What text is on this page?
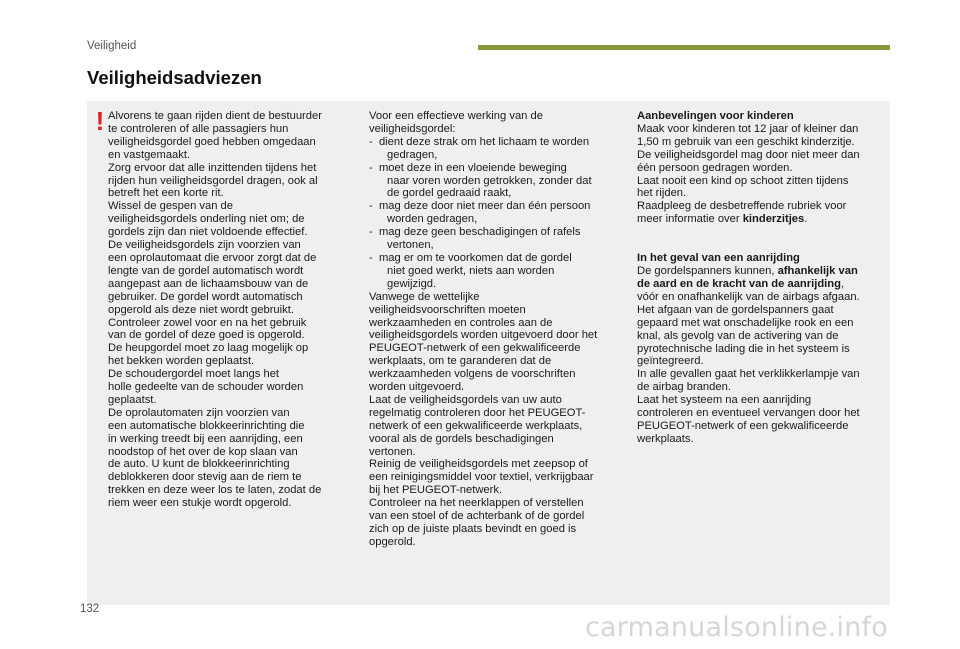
Veiligheid
Veiligheidsadviezen
! Alvorens te gaan rijden dient de bestuurder
te controleren of alle passagiers hun
veiligheidsgordel goed hebben omgedaan
en vastgemaakt.
Zorg ervoor dat alle inzittenden tijdens het
rijden hun veiligheidsgordel dragen, ook al
betreft het een korte rit.
Wissel de gespen van de
veiligheidsgordels onderling niet om; de
gordels zijn dan niet voldoende effectief.
De veiligheidsgordels zijn voorzien van
een oprolautomaat die ervoor zorgt dat de
lengte van de gordel automatisch wordt
aangepast aan de lichaamsbouw van de
gebruiker. De gordel wordt automatisch
opgerold als deze niet wordt gebruikt.
Controleer zowel voor en na het gebruik
van de gordel of deze goed is opgerold.
De heupgordel moet zo laag mogelijk op
het bekken worden geplaatst.
De schoudergordel moet langs het
holle gedeelte van de schouder worden
geplaatst.
De oprolautomaten zijn voorzien van
een automatische blokkeerinrichting die
in werking treedt bij een aanrijding, een
noodstop of het over de kop slaan van
de auto. U kunt de blokkeerinrichting
deblokkeren door stevig aan de riem te
trekken en deze weer los te laten, zodat de
riem weer een stukje wordt opgerold.
Voor een effectieve werking van de
veiligheidsgordel:
-  dient deze strak om het lichaam te worden
gedragen,
-  moet deze in een vloeiende beweging
naar voren worden getrokken, zonder dat
de gordel gedraaid raakt,
-  mag deze door niet meer dan één persoon
worden gedragen,
-  mag deze geen beschadigingen of rafels
vertonen,
-  mag er om te voorkomen dat de gordel
niet goed werkt, niets aan worden
gewijzigd.
Vanwege de wettelijke
veiligheidsvoorschriften moeten
werkzaamheden en controles aan de
veiligheidsgordels worden uitgevoerd door het
PEUGEOT-netwerk of een gekwalificeerde
werkplaats, om te garanderen dat de
werkzaamheden volgens de voorschriften
worden uitgevoerd.
Laat de veiligheidsgordels van uw auto
regelmatig controleren door het PEUGEOT-
netwerk of een gekwalificeerde werkplaats,
vooral als de gordels beschadigingen
vertonen.
Reinig de veiligheidsgordels met zeepsop of
een reinigingsmiddel voor textiel, verkrijgbaar
bij het PEUGEOT-netwerk.
Controleer na het neerklappen of verstellen
van een stoel of de achterbank of de gordel
zich op de juiste plaats bevindt en goed is
opgerold.
Aanbevelingen voor kinderen
Maak voor kinderen tot 12 jaar of kleiner dan
1,50 m gebruik van een geschikt kinderzitje.
De veiligheidsgordel mag door niet meer dan
één persoon gedragen worden.
Laat nooit een kind op schoot zitten tijdens
het rijden.
Raadpleeg de desbetreffende rubriek voor
meer informatie over kinderzitjes.
In het geval van een aanrijding
De gordelspanners kunnen, afhankelijk van
de aard en de kracht van de aanrijding,
vóór en onafhankelijk van de airbags afgaan.
Het afgaan van de gordelspanners gaat
gepaard met wat onschadelijke rook en een
knal, als gevolg van de activering van de
pyrotechnische lading die in het systeem is
geïntegreerd.
In alle gevallen gaat het verklikkerlampje van
de airbag branden.
Laat het systeem na een aanrijding
controleren en eventueel vervangen door het
PEUGEOT-netwerk of een gekwalificeerde
werkplaats.
132
carmanualsonline.info
